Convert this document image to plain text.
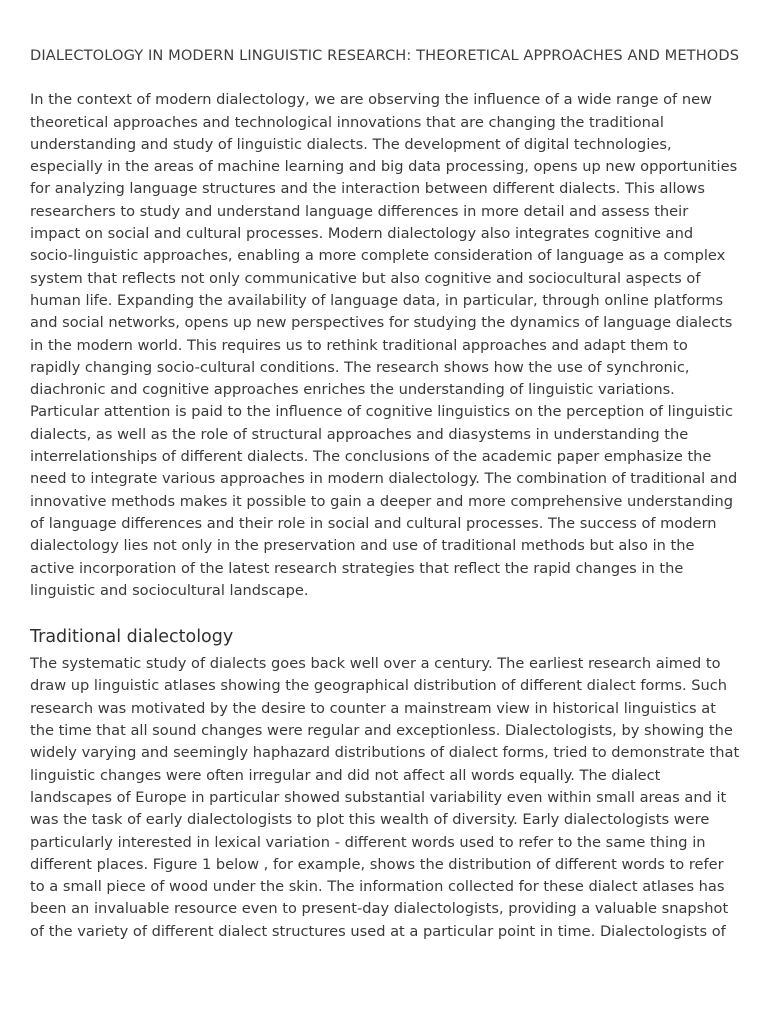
DIALECTOLOGY IN MODERN LINGUISTIC RESEARCH: THEORETICAL APPROACHES AND METHODS

In the context of modern dialectology, we are observing the influence of a wide range of new theoretical approaches and technological innovations that are changing the traditional understanding and study of linguistic dialects. The development of digital technologies, especially in the areas of machine learning and big data processing, opens up new opportunities for analyzing language structures and the interaction between different dialects. This allows researchers to study and understand language differences in more detail and assess their impact on social and cultural processes. Modern dialectology also integrates cognitive and socio-linguistic approaches, enabling a more complete consideration of language as a complex system that reflects not only communicative but also cognitive and sociocultural aspects of human life. Expanding the availability of language data, in particular, through online platforms and social networks, opens up new perspectives for studying the dynamics of language dialects in the modern world. This requires us to rethink traditional approaches and adapt them to rapidly changing socio-cultural conditions. The research shows how the use of synchronic, diachronic and cognitive approaches enriches the understanding of linguistic variations. Particular attention is paid to the influence of cognitive linguistics on the perception of linguistic dialects, as well as the role of structural approaches and diasystems in understanding the interrelationships of different dialects. The conclusions of the academic paper emphasize the need to integrate various approaches in modern dialectology. The combination of traditional and innovative methods makes it possible to gain a deeper and more comprehensive understanding of language differences and their role in social and cultural processes. The success of modern dialectology lies not only in the preservation and use of traditional methods but also in the active incorporation of the latest research strategies that reflect the rapid changes in the linguistic and sociocultural landscape.

Traditional dialectology

The systematic study of dialects goes back well over a century. The earliest research aimed to draw up linguistic atlases showing the geographical distribution of different dialect forms. Such research was motivated by the desire to counter a mainstream view in historical linguistics at the time that all sound changes were regular and exceptionless. Dialectologists, by showing the widely varying and seemingly haphazard distributions of dialect forms, tried to demonstrate that linguistic changes were often irregular and did not affect all words equally. The dialect landscapes of Europe in particular showed substantial variability even within small areas and it was the task of early dialectologists to plot this wealth of diversity. Early dialectologists were particularly interested in lexical variation - different words used to refer to the same thing in different places. Figure 1 below , for example, shows the distribution of different words to refer to a small piece of wood under the skin. The information collected for these dialect atlases has been an invaluable resource even to present-day dialectologists, providing a valuable snapshot of the variety of different dialect structures used at a particular point in time. Dialectologists of
